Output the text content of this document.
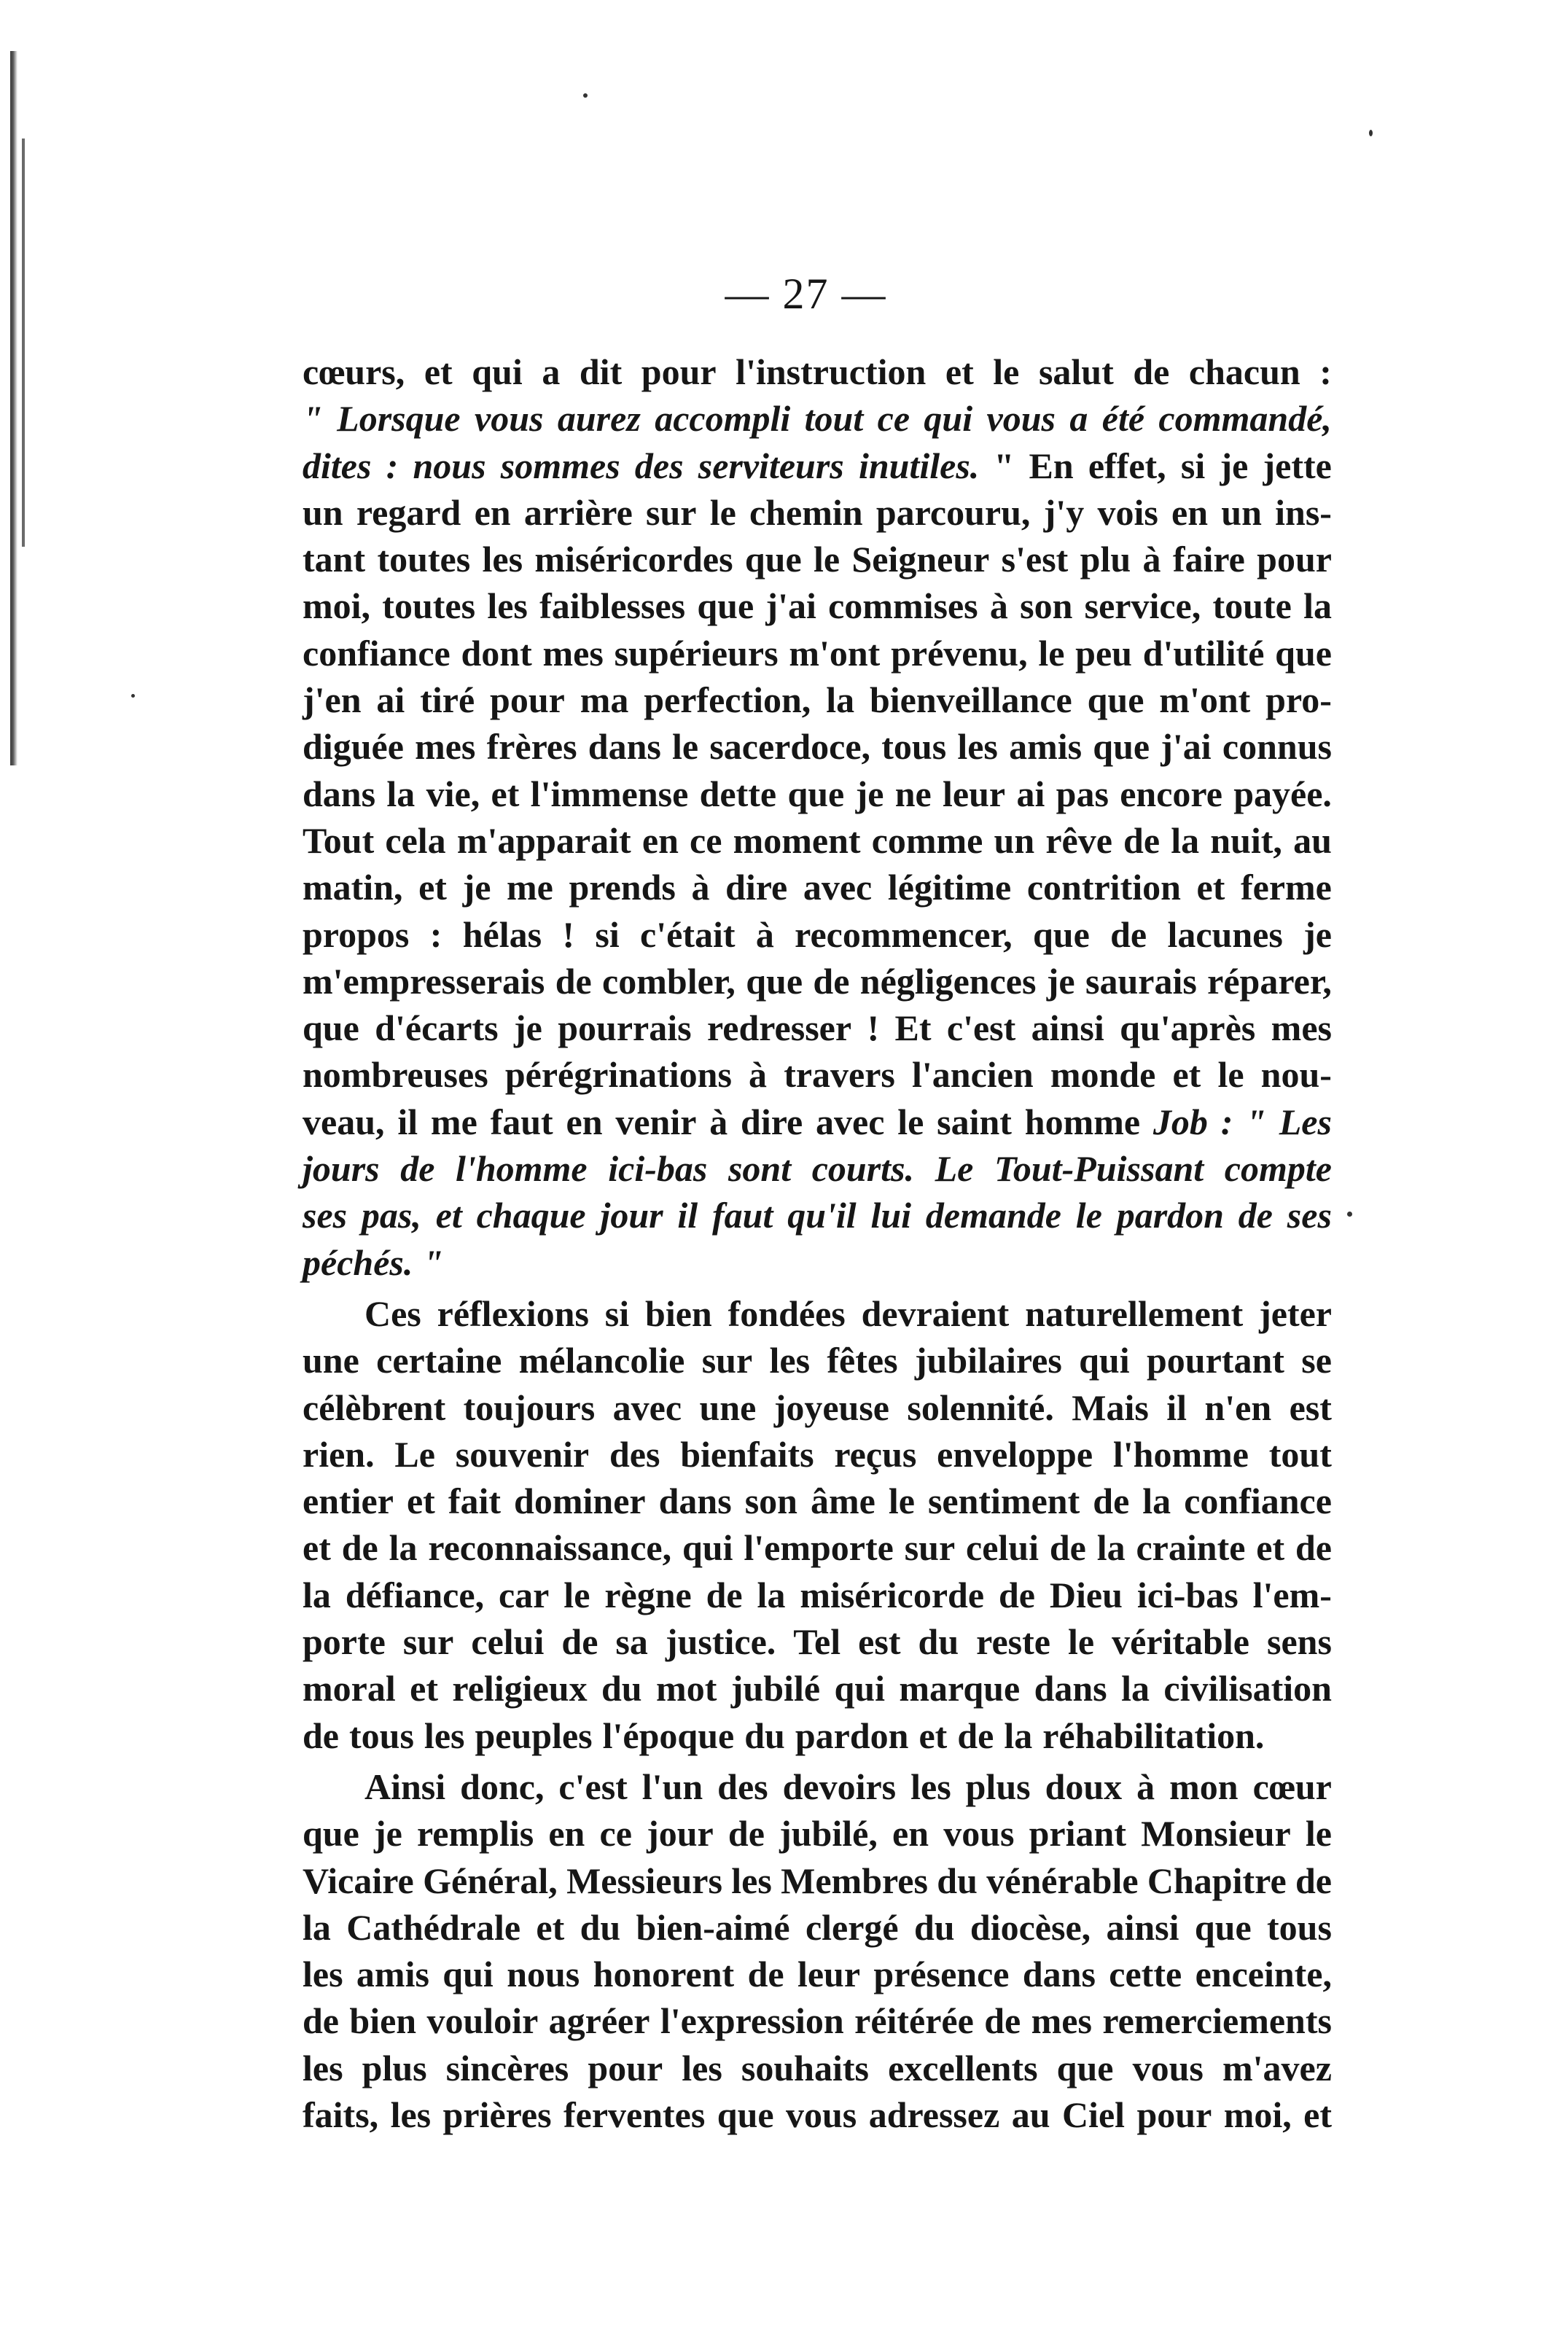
— 27 —
cœurs, et qui a dit pour l'instruction et le salut de chacun :
" Lorsque vous aurez accompli tout ce qui vous a été commandé,
dites : nous sommes des serviteurs inutiles. " En effet, si je jette
un regard en arrière sur le chemin parcouru, j'y vois en un ins-
tant toutes les miséricordes que le Seigneur s'est plu à faire pour
moi, toutes les faiblesses que j'ai commises à son service, toute la
confiance dont mes supérieurs m'ont prévenu, le peu d'utilité que
j'en ai tiré pour ma perfection, la bienveillance que m'ont pro-
diguée mes frères dans le sacerdoce, tous les amis que j'ai connus
dans la vie, et l'immense dette que je ne leur ai pas encore payée.
Tout cela m'apparait en ce moment comme un rêve de la nuit, au
matin, et je me prends à dire avec légitime contrition et ferme
propos : hélas ! si c'était à recommencer, que de lacunes je
m'empresserais de combler, que de négligences je saurais réparer,
que d'écarts je pourrais redresser ! Et c'est ainsi qu'après mes
nombreuses pérégrinations à travers l'ancien monde et le nou-
veau, il me faut en venir à dire avec le saint homme Job : " Les
jours de l'homme ici-bas sont courts. Le Tout-Puissant compte
ses pas, et chaque jour il faut qu'il lui demande le pardon de ses
péchés. "
Ces réflexions si bien fondées devraient naturellement jeter
une certaine mélancolie sur les fêtes jubilaires qui pourtant se
célèbrent toujours avec une joyeuse solennité. Mais il n'en est
rien. Le souvenir des bienfaits reçus enveloppe l'homme tout
entier et fait dominer dans son âme le sentiment de la confiance
et de la reconnaissance, qui l'emporte sur celui de la crainte et de
la défiance, car le règne de la miséricorde de Dieu ici-bas l'em-
porte sur celui de sa justice. Tel est du reste le véritable sens
moral et religieux du mot jubilé qui marque dans la civilisation
de tous les peuples l'époque du pardon et de la réhabilitation.
Ainsi donc, c'est l'un des devoirs les plus doux à mon cœur
que je remplis en ce jour de jubilé, en vous priant Monsieur le
Vicaire Général, Messieurs les Membres du vénérable Chapitre de
la Cathédrale et du bien-aimé clergé du diocèse, ainsi que tous
les amis qui nous honorent de leur présence dans cette enceinte,
de bien vouloir agréer l'expression réitérée de mes remerciements
les plus sincères pour les souhaits excellents que vous m'avez
faits, les prières ferventes que vous adressez au Ciel pour moi, et
